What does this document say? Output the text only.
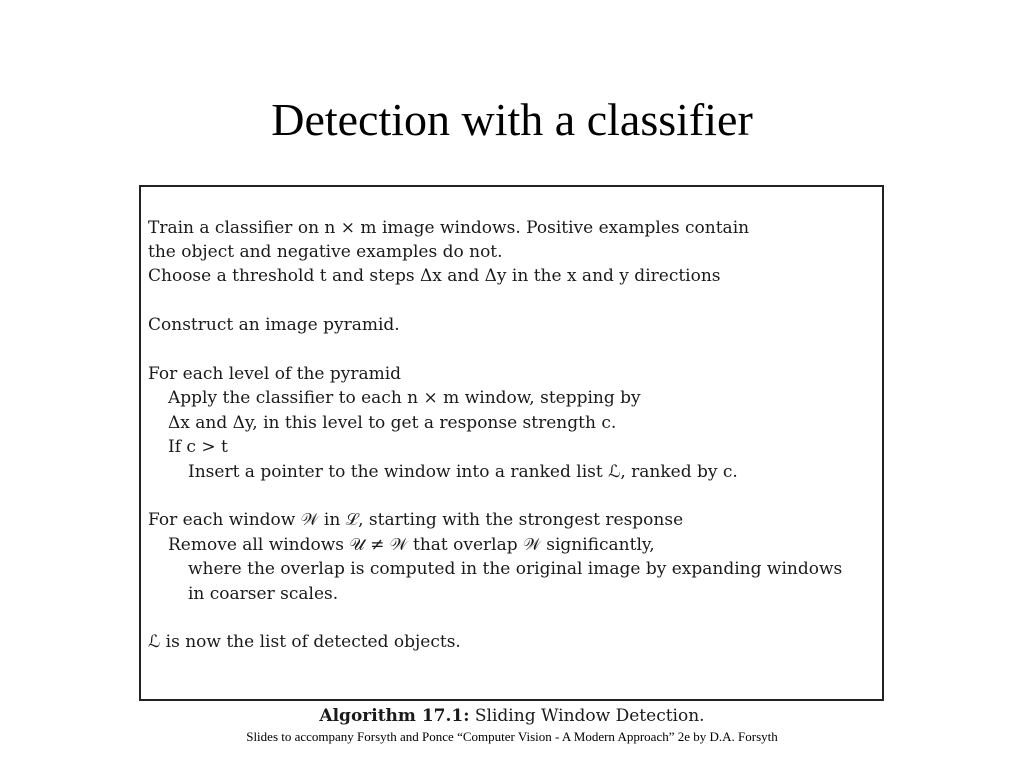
Detection with a classifier
Train a classifier on n × m image windows. Positive examples contain
the object and negative examples do not.
Choose a threshold t and steps Δx and Δy in the x and y directions
Construct an image pyramid.
For each level of the pyramid
Apply the classifier to each n × m window, stepping by
Δx and Δy, in this level to get a response strength c.
If c > t
Insert a pointer to the window into a ranked list ℒ, ranked by c.
For each window 𝒲 in ℒ, starting with the strongest response
Remove all windows 𝒰 ≠ 𝒲 that overlap 𝒲 significantly,
where the overlap is computed in the original image by expanding windows
in coarser scales.
ℒ is now the list of detected objects.
Algorithm 17.1: Sliding Window Detection.
Slides to accompany Forsyth and Ponce “Computer Vision - A Modern Approach” 2e by D.A. Forsyth
